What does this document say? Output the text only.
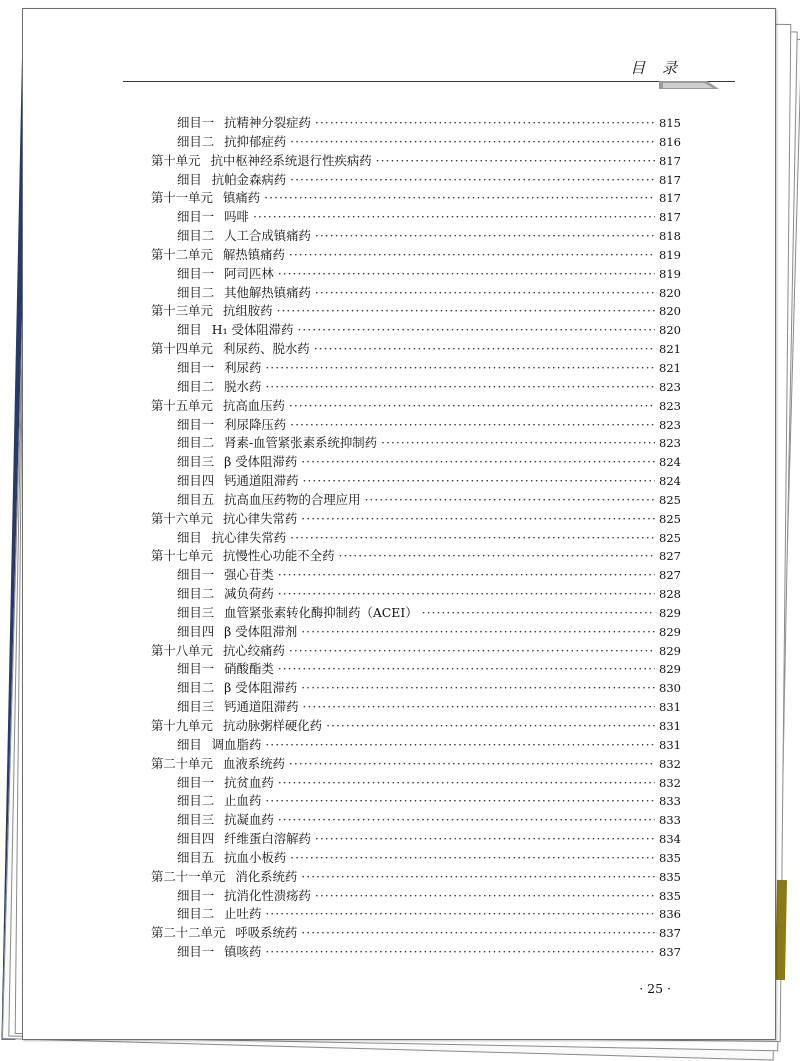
目 录
细目一 抗精神分裂症药 ·····	815
细目二 抗抑郁症药 ·····	816
第十单元 抗中枢神经系统退行性疾病药 ·····	817
细目 抗帕金森病药 ·····	817
第十一单元 镇痛药 ·····	817
细目一 吗啡 ·····	817
细目二 人工合成镇痛药 ·····	818
第十二单元 解热镇痛药 ·····	819
细目一 阿司匹林 ·····	819
细目二 其他解热镇痛药 ·····	820
第十三单元 抗组胺药 ·····	820
细目 H₁ 受体阻滞药 ·····	820
第十四单元 利尿药、脱水药 ·····	821
细目一 利尿药 ·····	821
细目二 脱水药 ·····	823
第十五单元 抗高血压药 ·····	823
细目一 利尿降压药 ·····	823
细目二 肾素-血管紧张素系统抑制药 ·····	823
细目三 β 受体阻滞药 ·····	824
细目四 钙通道阻滞药 ·····	824
细目五 抗高血压药物的合理应用 ·····	825
第十六单元 抗心律失常药 ·····	825
细目 抗心律失常药 ·····	825
第十七单元 抗慢性心功能不全药 ·····	827
细目一 强心苷类 ·····	827
细目二 减负荷药 ·····	828
细目三 血管紧张素转化酶抑制药（ACEI） ·····	829
细目四 β 受体阻滞剂 ·····	829
第十八单元 抗心绞痛药 ·····	829
细目一 硝酸酯类 ·····	829
细目二 β 受体阻滞药 ·····	830
细目三 钙通道阻滞药 ·····	831
第十九单元 抗动脉粥样硬化药 ·····	831
细目 调血脂药 ·····	831
第二十单元 血液系统药 ·····	832
细目一 抗贫血药 ·····	832
细目二 止血药 ·····	833
细目三 抗凝血药 ·····	833
细目四 纤维蛋白溶解药 ·····	834
细目五 抗血小板药 ·····	835
第二十一单元 消化系统药 ·····	835
细目一 抗消化性溃疡药 ·····	835
细目二 止吐药 ·····	836
第二十二单元 呼吸系统药 ·····	837
细目一 镇咳药 ·····	837
· 25 ·
